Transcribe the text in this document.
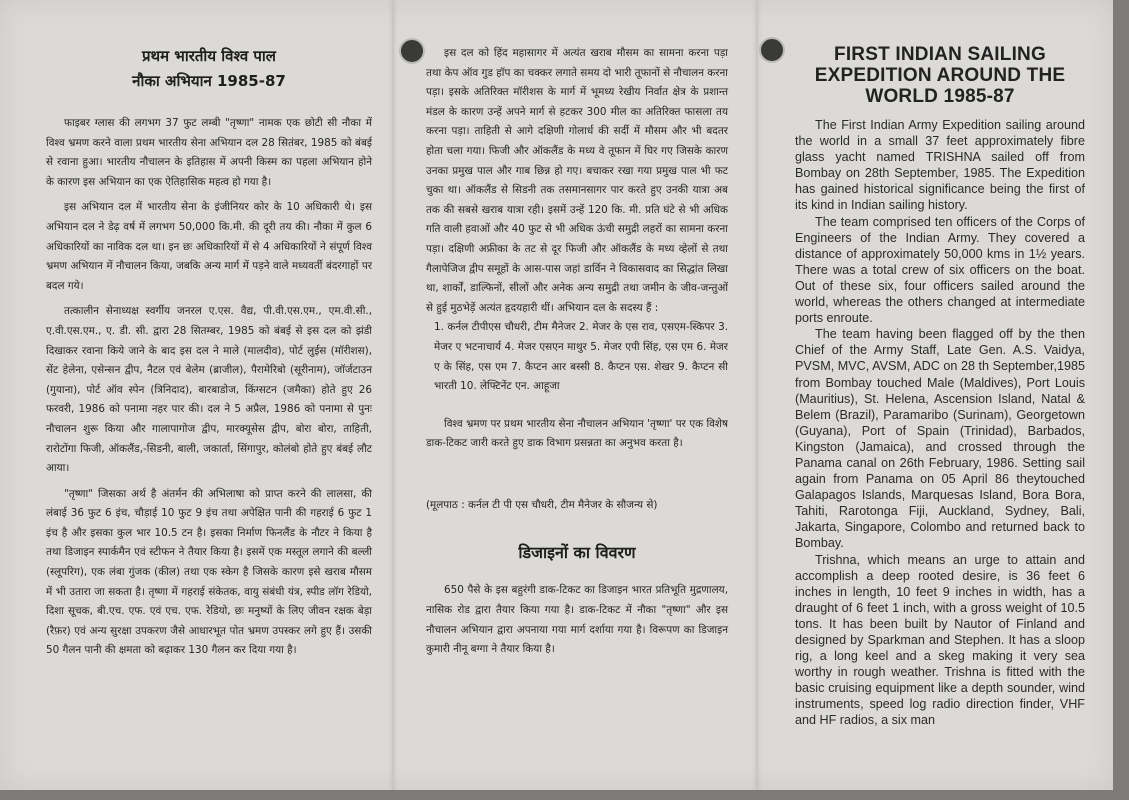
प्रथम भारतीय विश्व पाल

नौका अभियान 1985-87

फाइबर ग्लास की लगभग 37 फुट लम्बी "तृष्णा" नामक एक छोटी सी नौका में विश्व भ्रमण करने वाला प्रथम भारतीय सेना अभियान दल 28 सितंबर, 1985 को बंबई से रवाना हुआ। भारतीय नौचालन के इतिहास में अपनी किस्म का पहला अभियान होने के कारण इस अभियान का एक ऐतिहासिक महत्व हो गया है।

इस अभियान दल में भारतीय सेना के इंजीनियर कोर के 10 अधिकारी थे। इस अभियान दल ने डेढ़ वर्ष में लगभग 50,000 कि.मी. की दूरी तय की। नौका में कुल 6 अधिकारियों का नाविक दल था। इन छः अधिकारियों में से 4 अधिकारियों ने संपूर्ण विश्व भ्रमण अभियान में नौचालन किया, जबकि अन्य मार्ग में पड़ने वाले मध्यवर्ती बंदरगाहों पर बदल गये।

तत्कालीन सेनाध्यक्ष स्वर्गीय जनरल ए.एस. वैद्य, पी.वी.एस.एम., एम.वी.सी., ए.वी.एस.एम., ए. डी. सी. द्वारा 28 सितम्बर, 1985 को बंबई से इस दल को झंडी दिखाकर रवाना किये जाने के बाद इस दल ने माले (मालदीव), पोर्ट लुईस (मॉरीशस), सेंट हेलेना, एसेन्सन द्वीप, नैटल एवं बेलेम (ब्राजील), पैरामेरिबो (सूरीनाम), जॉर्जटाउन (गुयाना), पोर्ट ऑव स्पेन (त्रिनिदाद), बारबाडोज, किंग्सटन (जमैका) होते हुए 26 फरवरी, 1986 को पनामा नहर पार की। दल ने 5 अप्रैल, 1986 को पनामा से पुनः नौचालन शुरू किया और गालापागोज द्वीप, मारक्यूसेस द्वीप, बोरा बोरा, ताहिती, रारोटोंगा फिजी, ऑकलैंड,-सिडनी, बाली, जकार्ता, सिंगापुर, कोलंबो होते हुए बंबई लौट आया।

"तृष्णा" जिसका अर्थ है अंतर्मन की अभिलाषा को प्राप्त करने की लालसा, की लंबाई 36 फुट 6 इंच, चौड़ाई 10 फुट 9 इंच तथा अपेक्षित पानी की गहराई 6 फुट 1 इंच है और इसका कुल भार 10.5 टन है। इसका निर्माण फिनलैंड के नौटर ने किया है तथा डिजाइन स्पार्कमैन एवं स्टीफन ने तैयार किया है। इसमें एक मस्तूल लगाने की बल्ली (स्लूपरिग), एक लंबा गुंजक (कील) तथा एक स्केग है जिसके कारण इसे खराब मौसम में भी उतारा जा सकता है। तृष्णा में गहराई संकेतक, वायु संबंधी यंत्र, स्पीड लॉग रेडियो, दिशा सूचक, बी.एच. एफ. एवं एच. एफ. रेडियो, छः मनुष्यों के लिए जीवन रक्षक बेड़ा (रैफ़र) एवं अन्य सुरक्षा उपकरण जैसे आधारभूत पोत भ्रमण उपस्कर लगे हुए हैं। उसकी 50 गैलन पानी की क्षमता को बढ़ाकर 130 गैलन कर दिया गया है।

इस दल को हिंद महासागर में अत्यंत खराब मौसम का सामना करना पड़ा तथा केप ऑव गुड हॉप का चक्कर लगाते समय दो भारी तूफानों से नौचालन करना पड़ा। इसके अतिरिक्त मॉरीशस के मार्ग में भूमध्य रेखीय निर्वात क्षेत्र के प्रशान्त मंडल के कारण उन्हें अपने मार्ग से हटकर 300 मील का अतिरिक्त फासला तय करना पड़ा। ताहिती से आगे दक्षिणी गोलार्ध की सर्दी में मौसम और भी बदतर होता चला गया। फिजी और ऑकलैंड के मध्य वे तूफान में घिर गए जिसके कारण उनका प्रमुख पाल और गाब छिन्न हो गए। बचाकर रखा गया प्रमुख पाल भी फट चुका था। ऑकलैंड से सिडनी तक तसमानसागर पार करते हुए उनकी यात्रा अब तक की सबसे खराब यात्रा रही। इसमें उन्हें 120 कि. मी. प्रति घंटे से भी अधिक गति वाली हवाओं और 40 फुट से भी अधिक ऊंची समुद्री लहरों का सामना करना पड़ा। दक्षिणी अफ्रीका के तट से दूर फिजी और ऑकलैंड के मध्य व्हेलों से तथा गैलापेजिज द्वीप समूहों के आस-पास जहां डार्विन ने विकासवाद का सिद्धांत लिखा था, शार्कों, डाल्फिनों, सीलों और अनेक अन्य समुद्री तथा जमीन के जीव-जन्तुओं से हुई मुठभेड़ें अत्यंत हृदयहारी थीं। अभियान दल के सदस्य हैं :

1. कर्नल टीपीएस चौधरी, टीम मैनेजर 2. मेजर के एस राव, एसएम-स्किपर 3. मेजर ए भटनाचार्य 4. मेजर एसएन माथुर 5. मेजर एपी सिंह, एस एम 6. मेजर ए के सिंह, एस एम 7. कैप्टन आर बस्सी 8. कैप्टन एस. शेखर 9. कैप्टन सी भारती 10. लेफ्टिनेंट एन. आहूजा

विश्व भ्रमण पर प्रथम भारतीय सेना नौचालन अभियान 'तृष्णा' पर एक विशेष डाक-टिकट जारी करते हुए डाक विभाग प्रसन्नता का अनुभव करता है।

(मूलपाठ : कर्नल टी पी एस चौधरी, टीम मैनेजर के सौजन्य से)

डिजाइनों का विवरण

650 पैसे के इस बहुरंगी डाक-टिकट का डिजाइन भारत प्रतिभूति मुद्रणालय, नासिक रोड द्वारा तैयार किया गया है। डाक-टिकट में नौका "तृष्णा" और इस नौचालन अभियान द्वारा अपनाया गया मार्ग दर्शाया गया है। विरूपण का डिजाइन कुमारी नीनू बग्गा ने तैयार किया है।

FIRST INDIAN SAILING EXPEDITION AROUND THE WORLD 1985-87

The First Indian Army Expedition sailing around the world in a small 37 feet approximately fibre glass yacht named TRISHNA sailed off from Bombay on 28th September, 1985. The Expedition has gained historical significance being the first of its kind in Indian sailing history.

The team comprised ten officers of the Corps of Engineers of the Indian Army. They covered a distance of approximately 50,000 kms in 1½ years. There was a total crew of six officers on the boat. Out of these six, four officers sailed around the world, whereas the others changed at intermediate ports enroute.

The team having been flagged off by the then Chief of the Army Staff, Late Gen. A.S. Vaidya, PVSM, MVC, AVSM, ADC on 28 th September,1985 from Bombay touched Male (Maldives), Port Louis (Mauritius), St. Helena, Ascension Island, Natal & Belem (Brazil), Paramaribo (Surinam), Georgetown (Guyana), Port of Spain (Trinidad), Barbados, Kingston (Jamaica), and crossed through the Panama canal on 26th February, 1986. Setting sail again from Panama on 05 April 86 theytouched Galapagos Islands, Marquesas Island, Bora Bora, Tahiti, Rarotonga Fiji, Auckland, Sydney, Bali, Jakarta, Singapore, Colombo and returned back to Bombay.

Trishna, which means an urge to attain and accomplish a deep rooted desire, is 36 feet 6 inches in length, 10 feet 9 inches in width, has a draught of 6 feet 1 inch, with a gross weight of 10.5 tons. It has been built by Nautor of Finland and designed by Sparkman and Stephen. It has a sloop rig, a long keel and a skeg making it very sea worthy in rough weather. Trishna is fitted with the basic cruising equipment like a depth sounder, wind instruments, speed log radio direction finder, VHF and HF radios, a six man
